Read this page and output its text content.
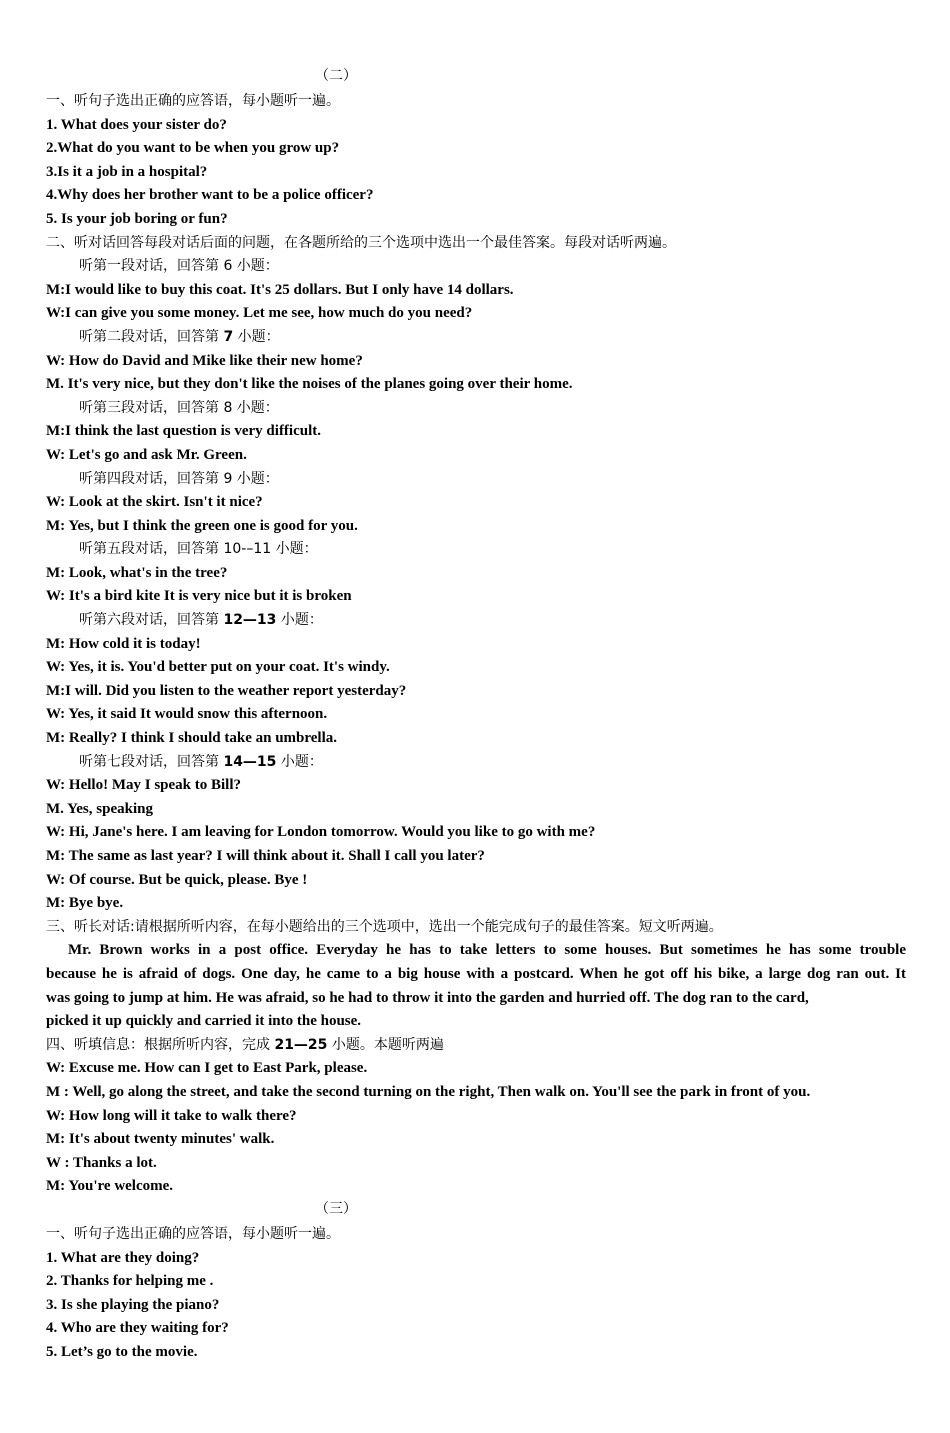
（二）
一、听句子选出正确的应答语，每小题听一遍。
1. What does your sister do?
2.What do you want to be when you grow up?
3.Is it a job in a hospital?
4.Why does her brother want to be a police officer?
5. Is your job boring or fun?
二、听对话回答每段对话后面的问题，在各题所给的三个选项中选出一个最佳答案。每段对话听两遍。
听第一段对话，回答第 6 小题：
M:I would like to buy this coat. It's 25 dollars. But I only have 14 dollars.
W:I can give you some money. Let me see, how much do you need?
听第二段对话，回答第 7 小题：
W: How do David and Mike like their new home?
M. It's very nice, but they don't like the noises of the planes going over their home.
听第三段对话，回答第 8 小题：
M:I think the last question is very difficult.
W: Let's go and ask Mr. Green.
听第四段对话，回答第 9 小题：
W: Look at the skirt. Isn't it nice?
M: Yes, but I think the green one is good for you.
听第五段对话，回答第 10-–11 小题：
M: Look, what's in the tree?
W: It's a bird kite It is very nice but it is broken
听第六段对话，回答第 12—13 小题：
M: How cold it is today!
W: Yes, it is. You'd better put on your coat. It's windy.
M:I will. Did you listen to the weather report yesterday?
W: Yes, it said It would snow this afternoon.
M: Really? I think I should take an umbrella.
听第七段对话，回答第 14—15 小题：
W: Hello! May I speak to Bill?
M. Yes, speaking
W: Hi, Jane's here. I am leaving for London tomorrow. Would you like to go with me?
M: The same as last year? I will think about it. Shall I call you later?
W: Of course. But be quick, please. Bye !
M: Bye bye.
三、听长对话:请根据所听内容，在每小题给出的三个选项中，选出一个能完成句子的最佳答案。短文听两遍。
Mr. Brown works in a post office. Everyday he has to take letters to some houses. But sometimes he has some trouble
because he is afraid of dogs. One day, he came to a big house with a postcard. When he got off his bike, a large dog ran out. It
was going to jump at him. He was afraid, so he had to throw it into the garden and hurried off. The dog ran to the card,
picked it up quickly and carried it into the house.
四、听填信息：根据所听内容，完成 21—25 小题。本题听两遍
W: Excuse me. How can I get to East Park, please.
M : Well, go along the street, and take the second turning on the right, Then walk on. You'll see the park in front of you.
W: How long will it take to walk there?
M: It's about twenty minutes' walk.
W : Thanks a lot.
M: You're welcome.
（三）
一、听句子选出正确的应答语，每小题听一遍。
1. What are they doing?
2. Thanks for helping me .
3. Is she playing the piano?
4. Who are they waiting for?
5. Let’s go to the movie.
